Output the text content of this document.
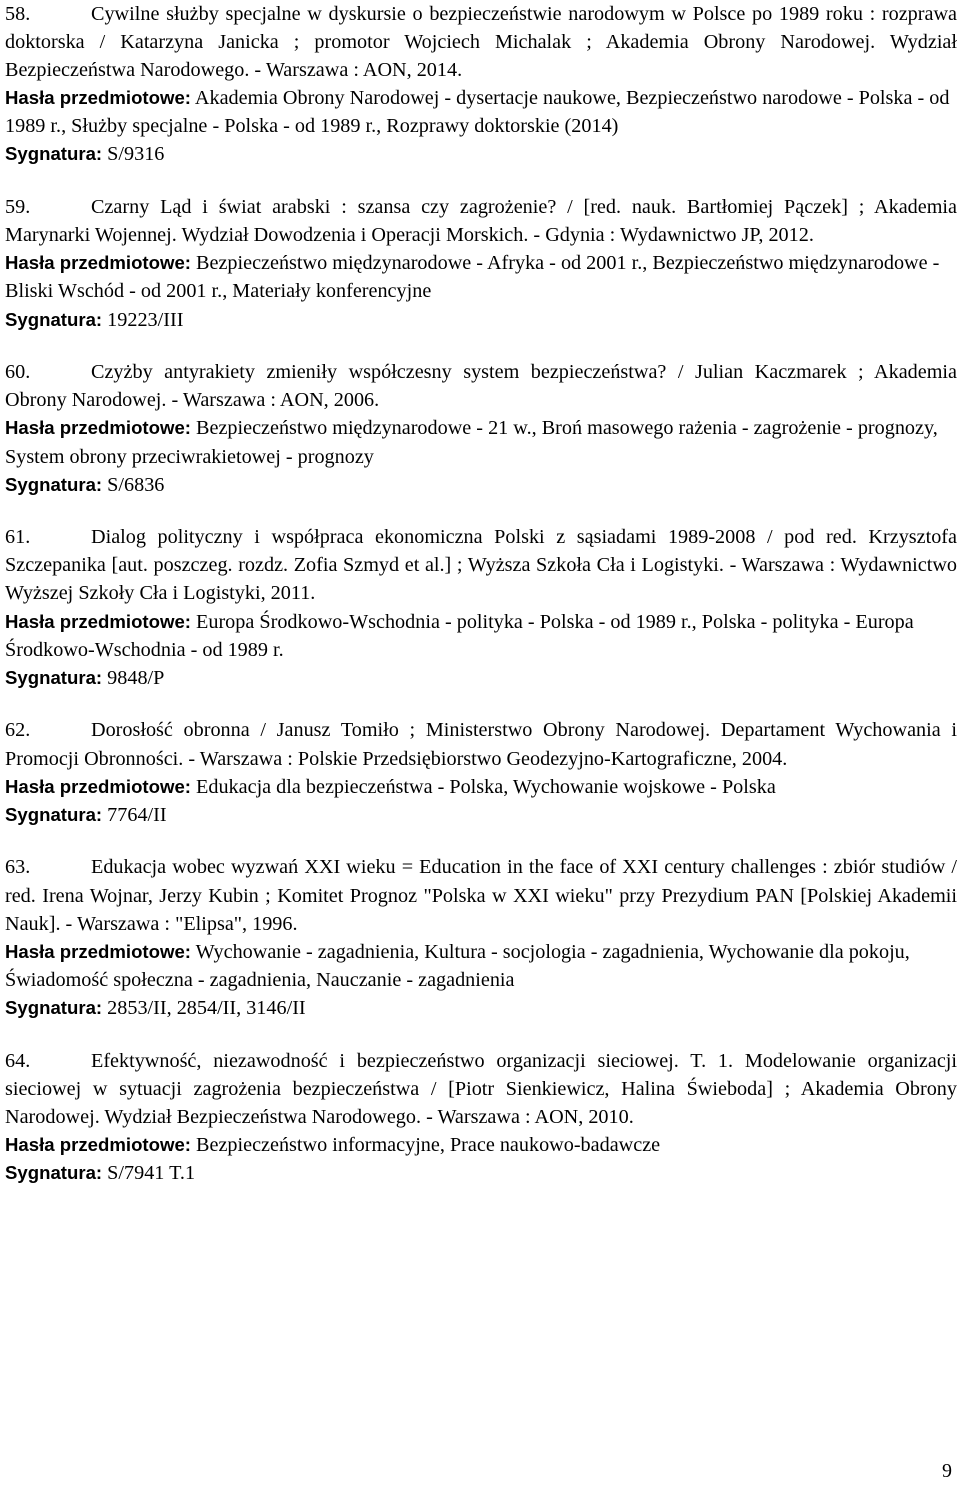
58.	Cywilne służby specjalne w dyskursie o bezpieczeństwie narodowym w Polsce po 1989 roku : rozprawa doktorska / Katarzyna Janicka ; promotor Wojciech Michalak ; Akademia Obrony Narodowej. Wydział Bezpieczeństwa Narodowego. - Warszawa : AON, 2014.
Hasła przedmiotowe: Akademia Obrony Narodowej - dysertacje naukowe, Bezpieczeństwo narodowe - Polska - od 1989 r., Służby specjalne - Polska - od 1989 r., Rozprawy doktorskie (2014)
Sygnatura: S/9316
59.	Czarny Ląd i świat arabski : szansa czy zagrożenie? / [red. nauk. Bartłomiej Pączek] ; Akademia Marynarki Wojennej. Wydział Dowodzenia i Operacji Morskich. - Gdynia : Wydawnictwo JP, 2012.
Hasła przedmiotowe: Bezpieczeństwo międzynarodowe - Afryka - od 2001 r., Bezpieczeństwo międzynarodowe - Bliski Wschód - od 2001 r., Materiały konferencyjne
Sygnatura: 19223/III
60.	Czyżby antyrakiety zmieniły współczesny system bezpieczeństwa? / Julian Kaczmarek ; Akademia Obrony Narodowej. - Warszawa : AON, 2006.
Hasła przedmiotowe: Bezpieczeństwo międzynarodowe - 21 w., Broń masowego rażenia - zagrożenie - prognozy, System obrony przeciwrakietowej - prognozy
Sygnatura: S/6836
61.	Dialog polityczny i współpraca ekonomiczna Polski z sąsiadami 1989-2008 / pod red. Krzysztofa Szczepanika [aut. poszczeg. rozdz. Zofia Szmyd et al.] ; Wyższa Szkoła Cła i Logistyki. - Warszawa : Wydawnictwo Wyższej Szkoły Cła i Logistyki, 2011.
Hasła przedmiotowe: Europa Środkowo-Wschodnia - polityka - Polska - od 1989 r., Polska - polityka - Europa Środkowo-Wschodnia - od 1989 r.
Sygnatura: 9848/P
62.	Dorosłość obronna / Janusz Tomiło ; Ministerstwo Obrony Narodowej. Departament Wychowania i Promocji Obronności. - Warszawa : Polskie Przedsiębiorstwo Geodezyjno-Kartograficzne, 2004.
Hasła przedmiotowe: Edukacja dla bezpieczeństwa - Polska, Wychowanie wojskowe - Polska
Sygnatura: 7764/II
63.	Edukacja wobec wyzwań XXI wieku = Education in the face of XXI century challenges : zbiór studiów / red. Irena Wojnar, Jerzy Kubin ; Komitet Prognoz "Polska w XXI wieku" przy Prezydium PAN [Polskiej Akademii Nauk]. - Warszawa : "Elipsa", 1996.
Hasła przedmiotowe: Wychowanie - zagadnienia, Kultura - socjologia - zagadnienia, Wychowanie dla pokoju, Świadomość społeczna - zagadnienia, Nauczanie - zagadnienia
Sygnatura: 2853/II, 2854/II, 3146/II
64.	Efektywność, niezawodność i bezpieczeństwo organizacji sieciowej. T. 1. Modelowanie organizacji sieciowej w sytuacji zagrożenia bezpieczeństwa / [Piotr Sienkiewicz, Halina Świeboda] ; Akademia Obrony Narodowej. Wydział Bezpieczeństwa Narodowego. - Warszawa : AON, 2010.
Hasła przedmiotowe: Bezpieczeństwo informacyjne, Prace naukowo-badawcze
Sygnatura: S/7941 T.1
9
